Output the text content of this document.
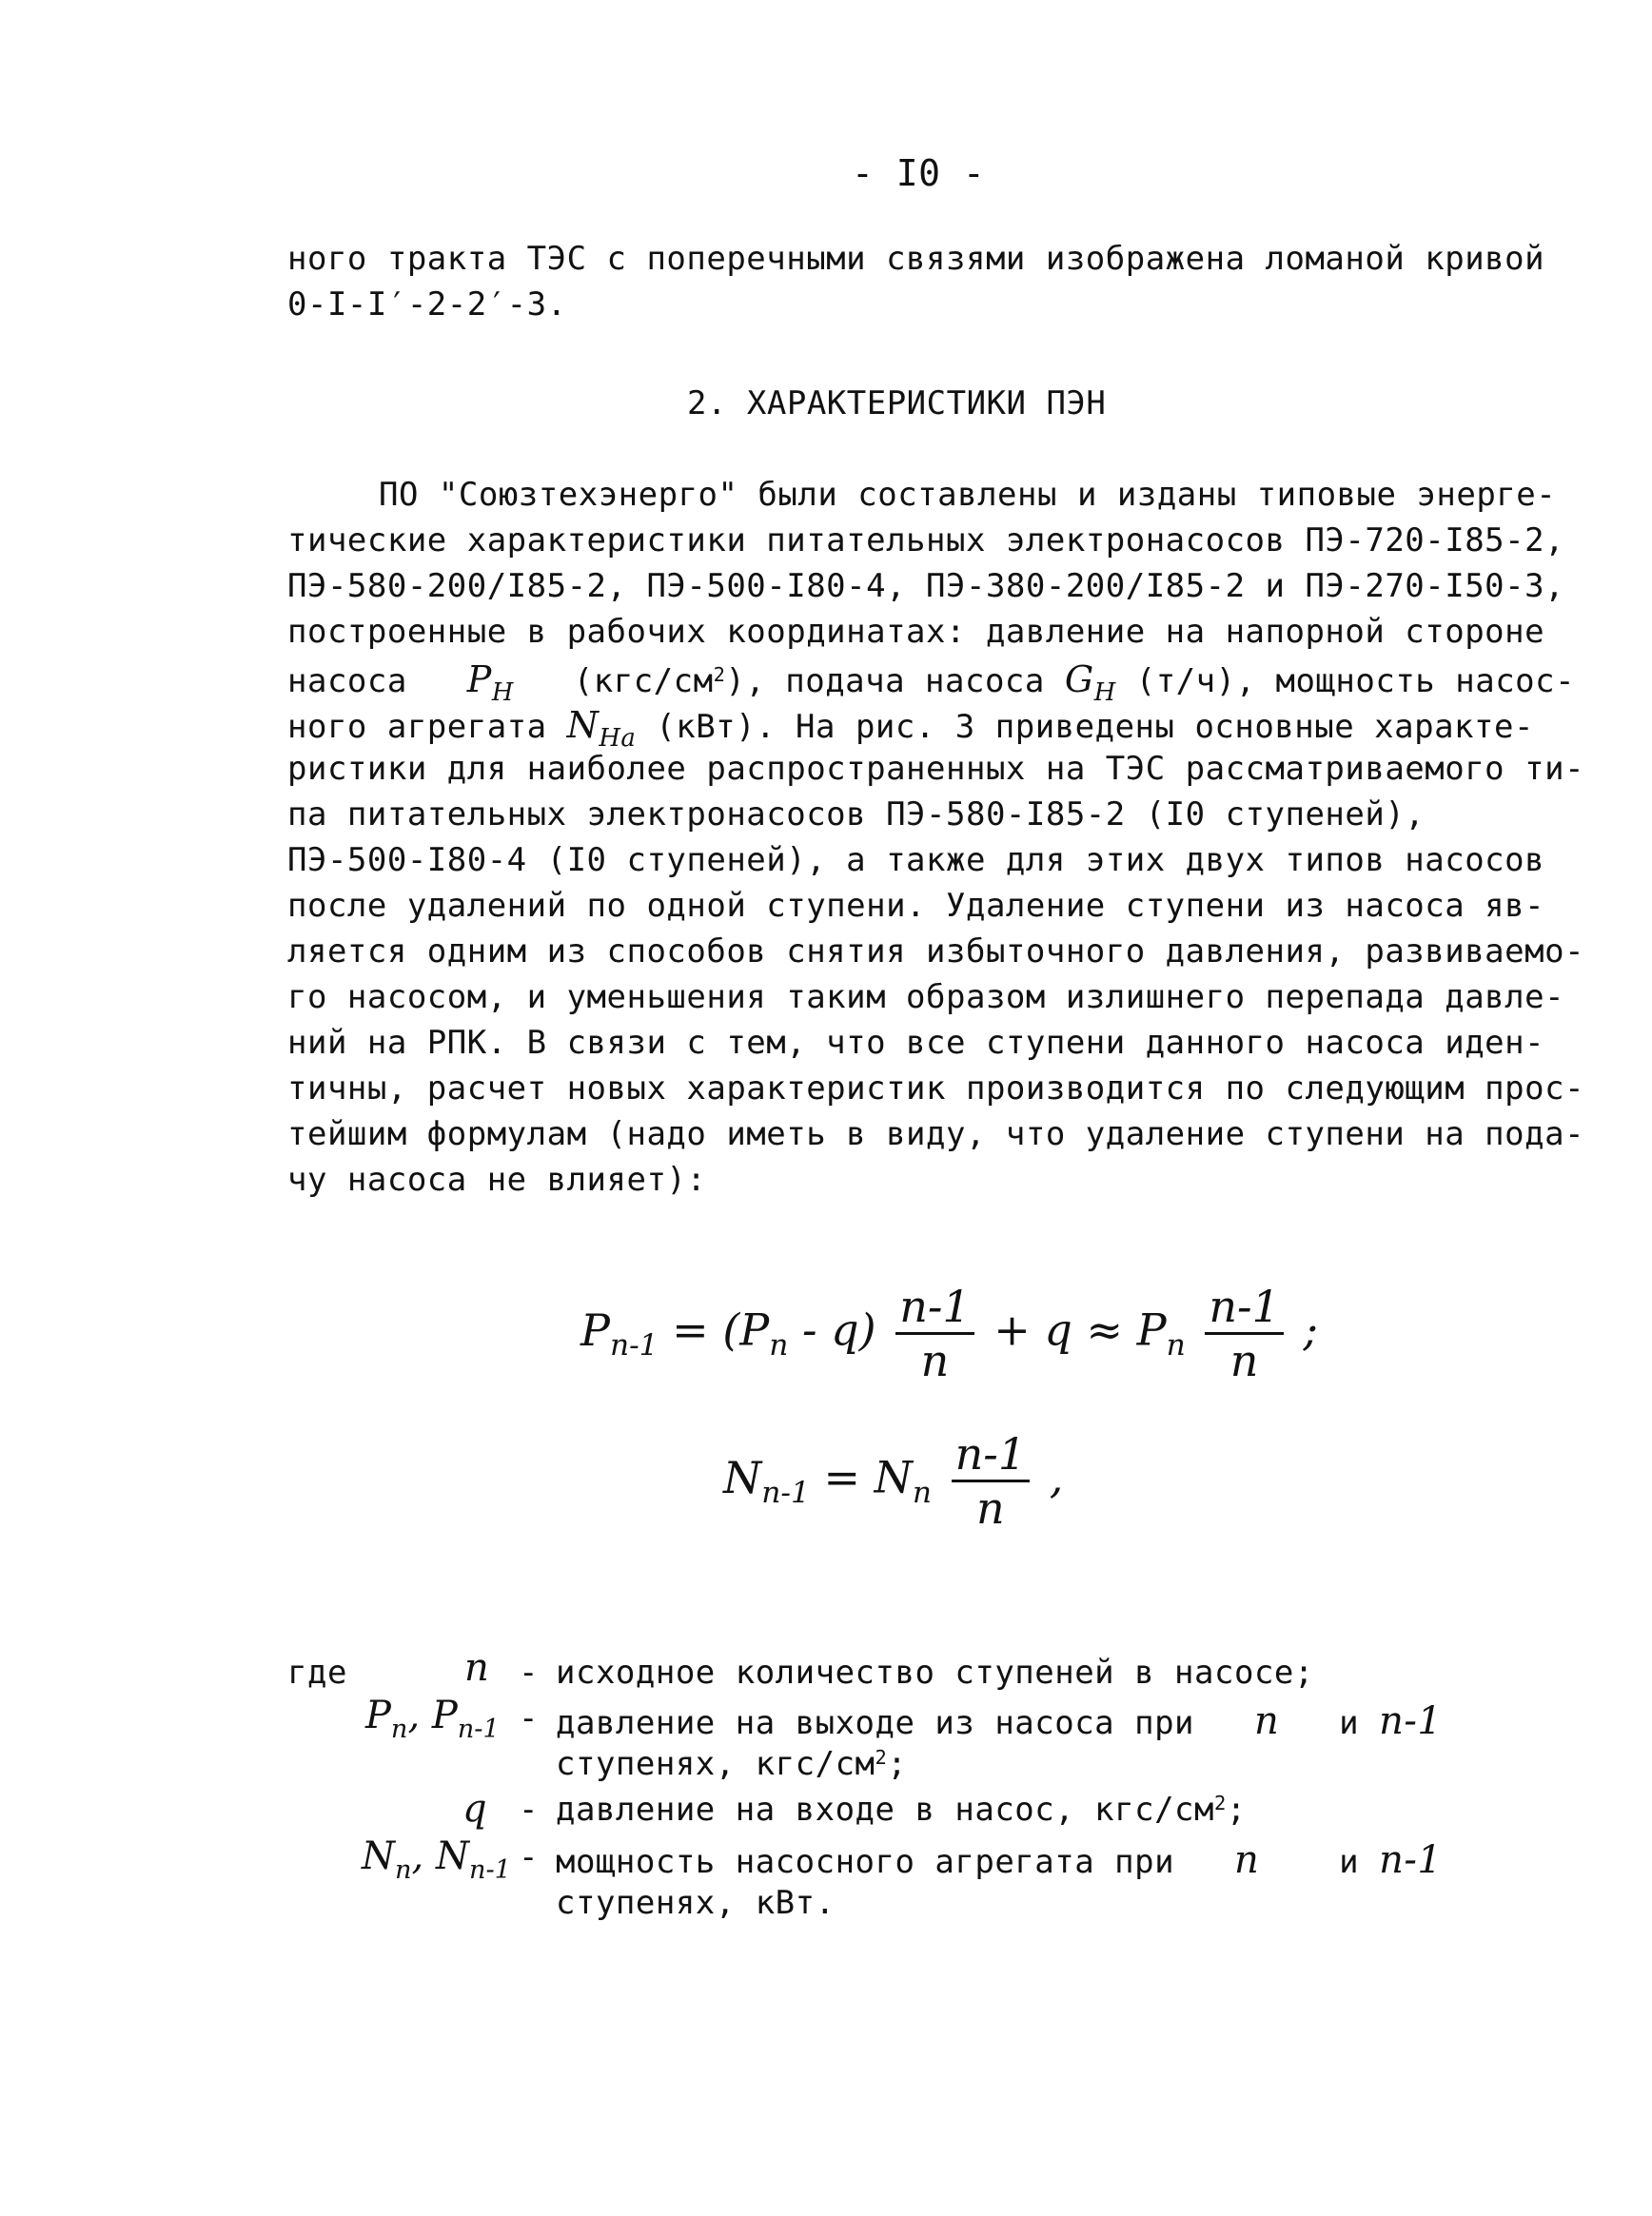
- I0 -
ного тракта ТЭС с поперечными связями изображена ломаной кривой
0-I-I′-2-2′-3.
2. ХАРАКТЕРИСТИКИ ПЭН
ПО "Союзтехэнерго" были составлены и изданы типовые энерге-
тические характеристики питательных электронасосов ПЭ-720-I85-2,
ПЭ-580-200/I85-2, ПЭ-500-I80-4, ПЭ-380-200/I85-2 и ПЭ-270-I50-3,
построенные в рабочих координатах: давление на напорной стороне
насоса $P_H$ $(кгс/см^2)$, подача насоса $G_H$ (т/ч), мощность насос-
ного агрегата $N_{Hа}$ (кВт). На рис. 3 приведены основные характе-
ристики для наиболее распространенных на ТЭС рассматриваемого ти-
па питательных электронасосов ПЭ-580-I85-2 (I0 ступеней),
ПЭ-500-I80-4 (I0 ступеней), а также для этих двух типов насосов
после удалений по одной ступени. Удаление ступени из насоса яв-
ляется одним из способов снятия избыточного давления, развиваемо-
го насосом, и уменьшения таким образом излишнего перепада давле-
ний на РПК. В связи с тем, что все ступени данного насоса иден-
тичны, расчет новых характеристик производится по следующим прос-
тейшим формулам (надо иметь в виду, что удаление ступени на пода-
чу насоса не влияет):
$P_{n-1} = (P_n - q) \frac{n-1}{n} + q \approx P_n \frac{n-1}{n}$ ;
$N_{n-1} = N_n \frac{n-1}{n}$ ,
где	n - исходное количество ступеней в насосе;
$P_n$, $P_{n-1}$ - давление на выходе из насоса при n и n-1
ступенях, кгс/$см^2$;
q - давление на входе в насос, кгс/$см^2$;
$N_n$, $N_{n-1}$ - мощность насосного агрегата при n и n-1
ступенях, кВт.
